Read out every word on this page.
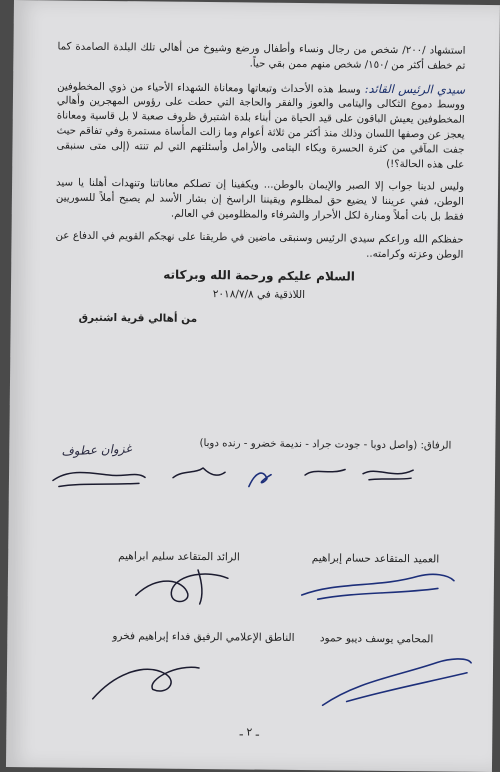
استشهاد /٢٠٠/ شخص من رجال ونساء وأطفال ورضع وشيوخ من أهالي تلك البلدة الصامدة كما تم خطف أكثر من /١٥٠/ شخص منهم ممن بقي حياً.

سيدي الرئيس القائد: وسط هذه الأحداث وتبعاتها ومعاناة الشهداء الأحياء من ذوي المخطوفين ووسط دموع الثكالى واليتامى والعوز والفقر والحاجة التي حطت على رؤوس المهجرين وأهالي المخطوفين يعيش الباقون على قيد الحياة من أبناء بلدة اشتبرق ظروف صعبة لا بل قاسية ومعاناة يعجز عن وصفها اللسان وذلك منذ أكثر من ثلاثة أعوام وما زالت المأساة مستمرة وفي تفاقم حيث جفت المآقي من كثرة الحسرة وبكاء اليتامى والأرامل وأسئلتهم التي لم تنته (إلى متى سنبقى على هذه الحالة؟!)

وليس لدينا جواب إلا الصبر والإيمان بالوطن... ويكفينا إن تصلكم معاناتنا وتنهدات أهلنا يا سيد الوطن، ففي عريننا لا يضيع حق لمظلوم ويقيننا الراسخ إن بشار الأسد لم يصبح أملاً للسوريين فقط بل بات أملاً ومنارة لكل الأحرار والشرفاء والمظلومين في العالم.

حفظكم الله وراعكم سيدي الرئيس وسنبقى ماضين في طريقنا على نهجكم القويم في الدفاع عن الوطن وعزته وكرامته..

السلام عليكم ورحمة الله وبركاته
اللاذقية في ٢٠١٨/٧/٨
من أهالي قرية اشتبرق
الرفاق: (واصل دوبا - جودت جراد - نديمة خضرو - رنده دوبا)
غزوان عطوف
العميد المتقاعد حسام إبراهيم
الرائد المتقاعد سليم ابراهيم
المحامي يوسف ديبو حمود
الناطق الإعلامي الرفيق فداء إبراهيم فخرو
ـ ٢ ـ
